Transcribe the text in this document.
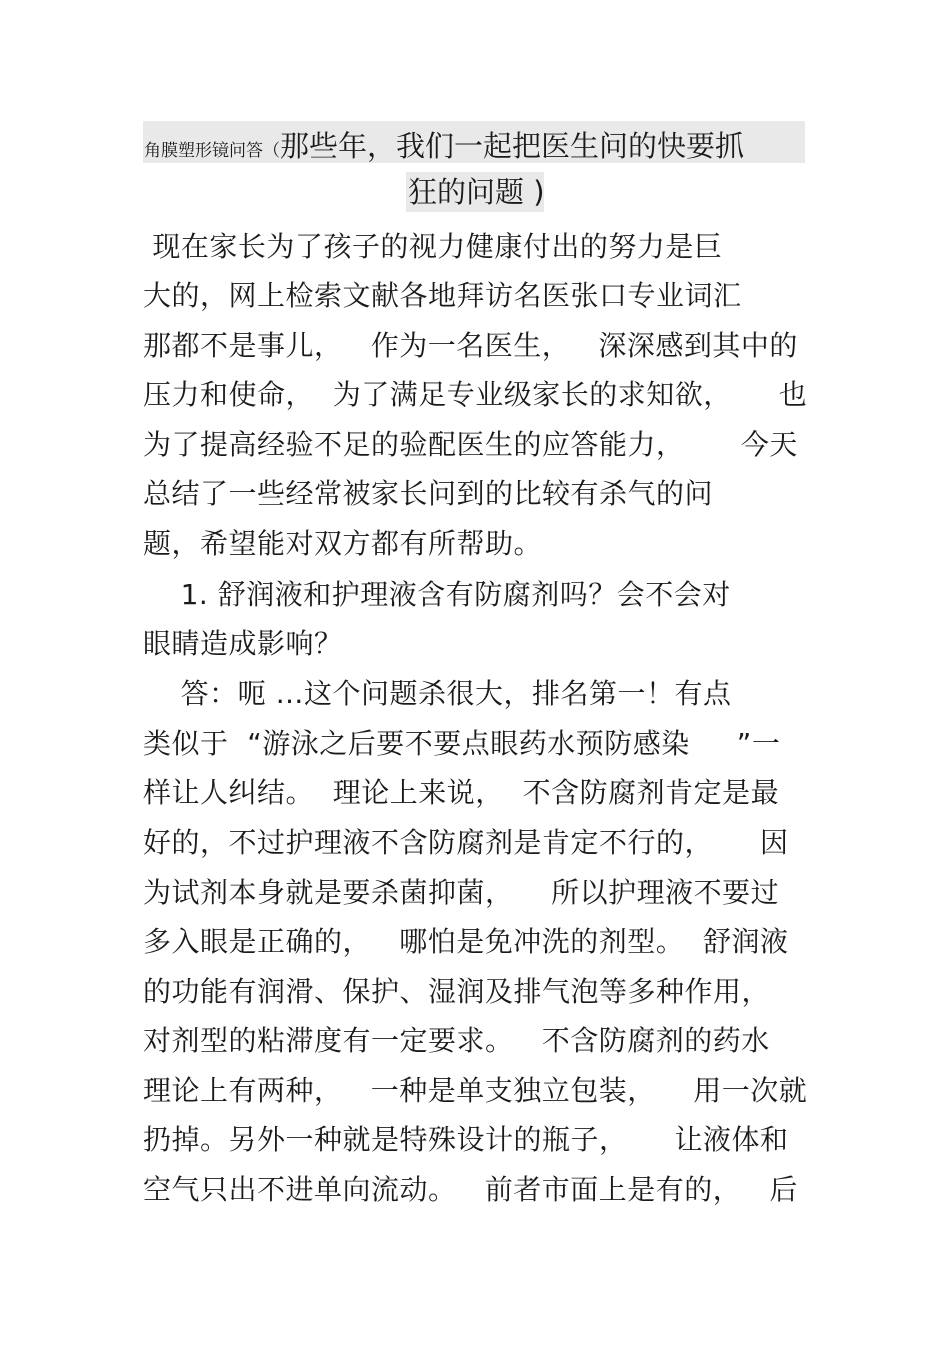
角膜塑形镜问答（那些年，我们一起把医生问的快要抓
狂的问题 )
现在家长为了孩子的视力健康付出的努力是巨
大的，网上检索文献各地拜访名医张口专业词汇
那都不是事儿，   作为一名医生，   深深感到其中的
压力和使命，  为了满足专业级家长的求知欲，     也
为了提高经验不足的验配医生的应答能力，      今天
总结了一些经常被家长问到的比较有杀气的问
题，希望能对双方都有所帮助。
1. 舒润液和护理液含有防腐剂吗？会不会对
眼睛造成影响？
答：呃 …这个问题杀很大，排名第一！有点
类似于  “游泳之后要不要点眼药水预防感染     ”一
样让人纠结。  理论上来说，  不含防腐剂肯定是最
好的，不过护理液不含防腐剂是肯定不行的，     因
为试剂本身就是要杀菌抑菌，    所以护理液不要过
多入眼是正确的，   哪怕是免冲洗的剂型。  舒润液
的功能有润滑、保护、湿润及排气泡等多种作用，
对剂型的粘滞度有一定要求。   不含防腐剂的药水
理论上有两种，   一种是单支独立包装，    用一次就
扔掉。另外一种就是特殊设计的瓶子，     让液体和
空气只出不进单向流动。   前者市面上是有的，   后
